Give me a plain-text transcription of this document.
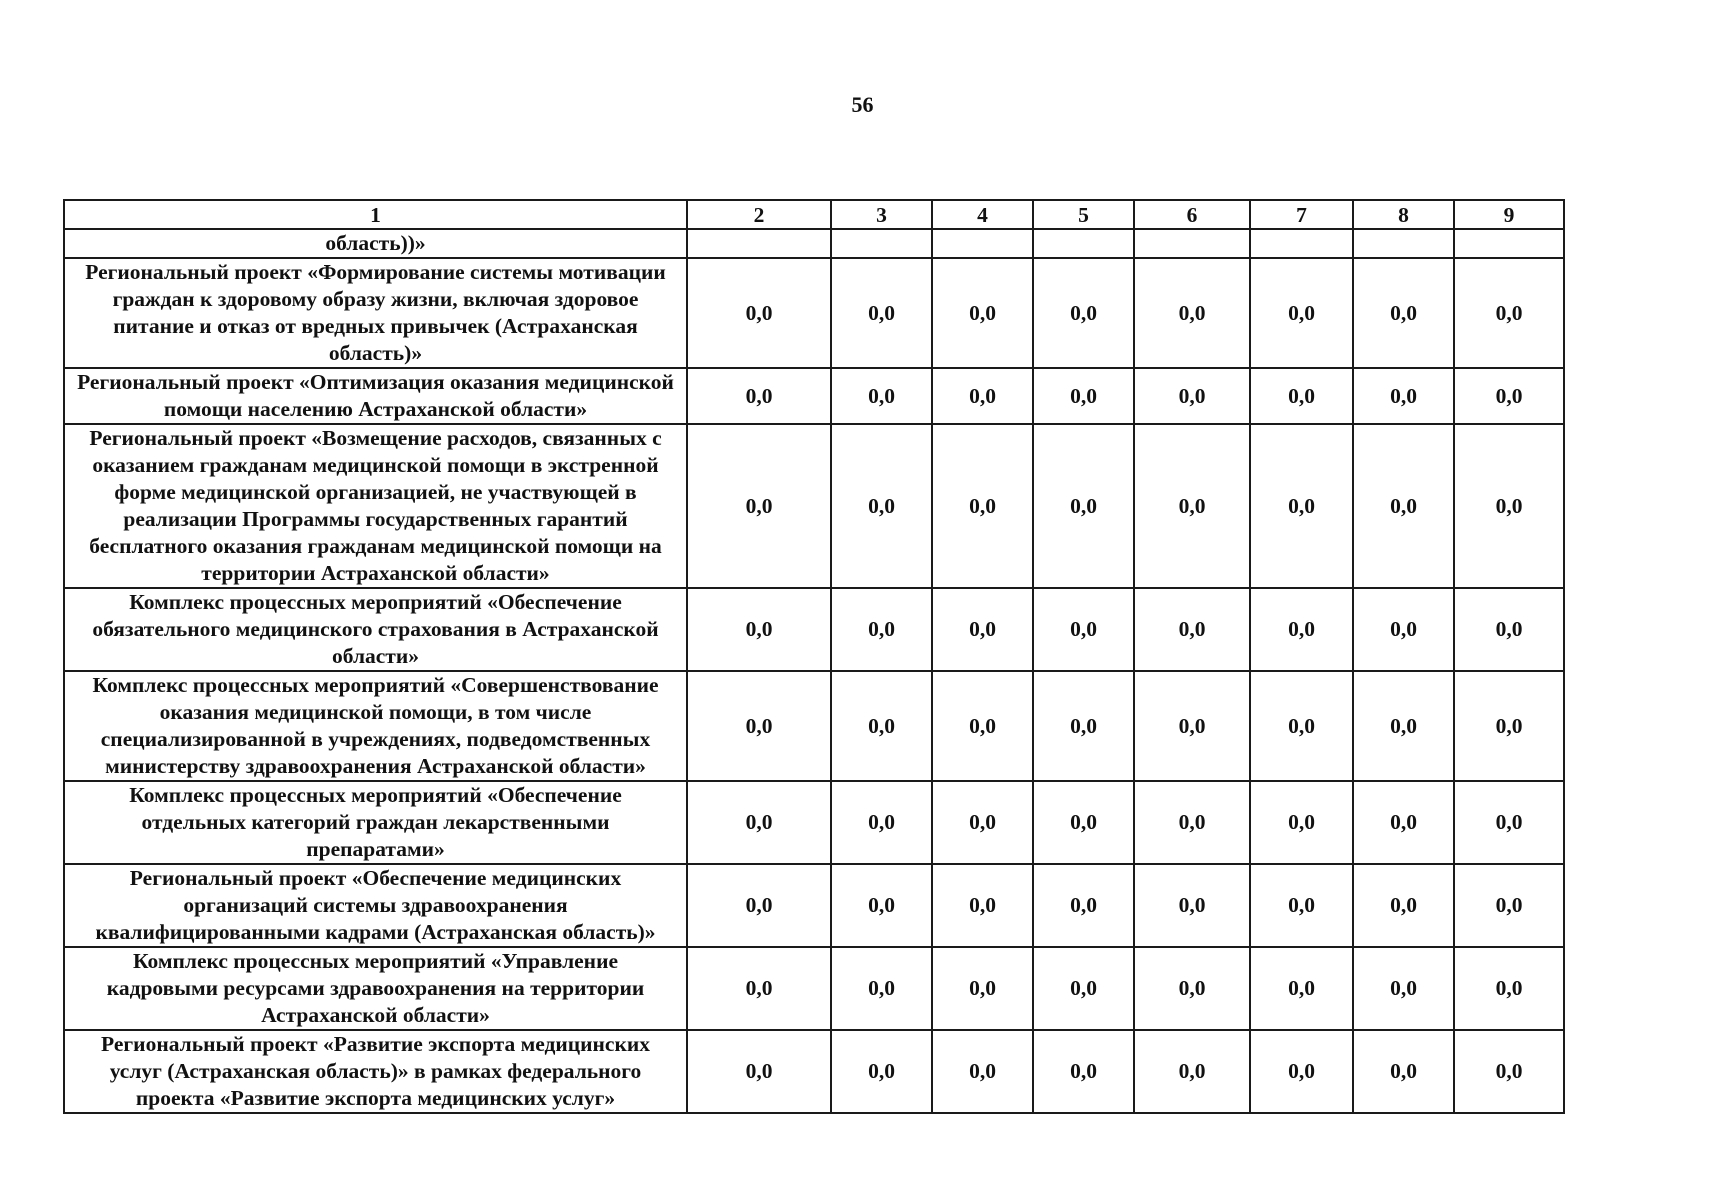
56
1	2	3	4	5	6	7	8	9
область))»								
Региональный проект «Формирование системы мотивации граждан к здоровому образу жизни, включая здоровое питание и отказ от вредных привычек (Астраханская область)»	0,0	0,0	0,0	0,0	0,0	0,0	0,0	0,0
Региональный проект «Оптимизация оказания медицинской помощи населению Астраханской области»	0,0	0,0	0,0	0,0	0,0	0,0	0,0	0,0
Региональный проект «Возмещение расходов, связанных с оказанием гражданам медицинской помощи в экстренной форме медицинской организацией, не участвующей в реализации Программы государственных гарантий бесплатного оказания гражданам медицинской помощи на территории Астраханской области»	0,0	0,0	0,0	0,0	0,0	0,0	0,0	0,0
Комплекс процессных мероприятий «Обеспечение обязательного медицинского страхования в Астраханской области»	0,0	0,0	0,0	0,0	0,0	0,0	0,0	0,0
Комплекс процессных мероприятий «Совершенствование оказания медицинской помощи, в том числе специализированной в учреждениях, подведомственных министерству здравоохранения Астраханской области»	0,0	0,0	0,0	0,0	0,0	0,0	0,0	0,0
Комплекс процессных мероприятий «Обеспечение отдельных категорий граждан лекарственными препаратами»	0,0	0,0	0,0	0,0	0,0	0,0	0,0	0,0
Региональный проект «Обеспечение медицинских организаций системы здравоохранения квалифицированными кадрами (Астраханская область)»	0,0	0,0	0,0	0,0	0,0	0,0	0,0	0,0
Комплекс процессных мероприятий «Управление кадровыми ресурсами здравоохранения на территории Астраханской области»	0,0	0,0	0,0	0,0	0,0	0,0	0,0	0,0
Региональный проект «Развитие экспорта медицинских услуг (Астраханская область)» в рамках федерального проекта «Развитие экспорта медицинских услуг»	0,0	0,0	0,0	0,0	0,0	0,0	0,0	0,0
